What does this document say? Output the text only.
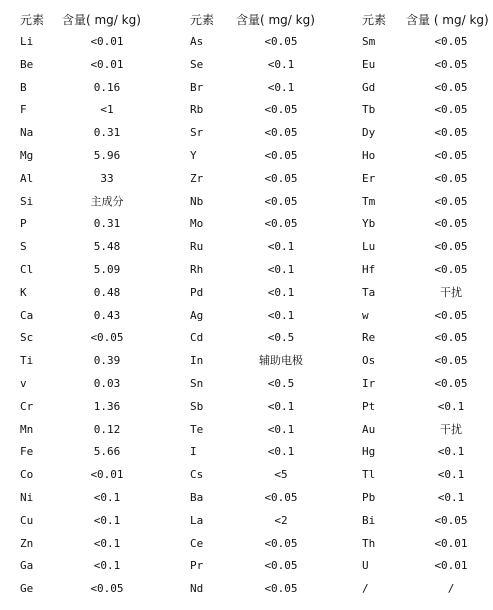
元素 含量( mg/ kg)	元素 含量( mg/ kg)	元素 含量 ( mg/ kg)
Li	<0.01	As	<0.05	Sm	<0.05
Be	<0.01	Se	<0.1	Eu	<0.05
B	0.16	Br	<0.1	Gd	<0.05
F	<1	Rb	<0.05	Tb	<0.05
Na	0.31	Sr	<0.05	Dy	<0.05
Mg	5.96	Y	<0.05	Ho	<0.05
Al	33	Zr	<0.05	Er	<0.05
Si	主成分	Nb	<0.05	Tm	<0.05
P	0.31	Mo	<0.05	Yb	<0.05
S	5.48	Ru	<0.1	Lu	<0.05
Cl	5.09	Rh	<0.1	Hf	<0.05
K	0.48	Pd	<0.1	Ta	干扰
Ca	0.43	Ag	<0.1	w	<0.05
Sc	<0.05	Cd	<0.5	Re	<0.05
Ti	0.39	In	辅助电极	Os	<0.05
v	0.03	Sn	<0.5	Ir	<0.05
Cr	1.36	Sb	<0.1	Pt	<0.1
Mn	0.12	Te	<0.1	Au	干扰
Fe	5.66	I	<0.1	Hg	<0.1
Co	<0.01	Cs	<5	Tl	<0.1
Ni	<0.1	Ba	<0.05	Pb	<0.1
Cu	<0.1	La	<2	Bi	<0.05
Zn	<0.1	Ce	<0.05	Th	<0.01
Ga	<0.1	Pr	<0.05	U	<0.01
Ge	<0.05	Nd	<0.05	/	/
